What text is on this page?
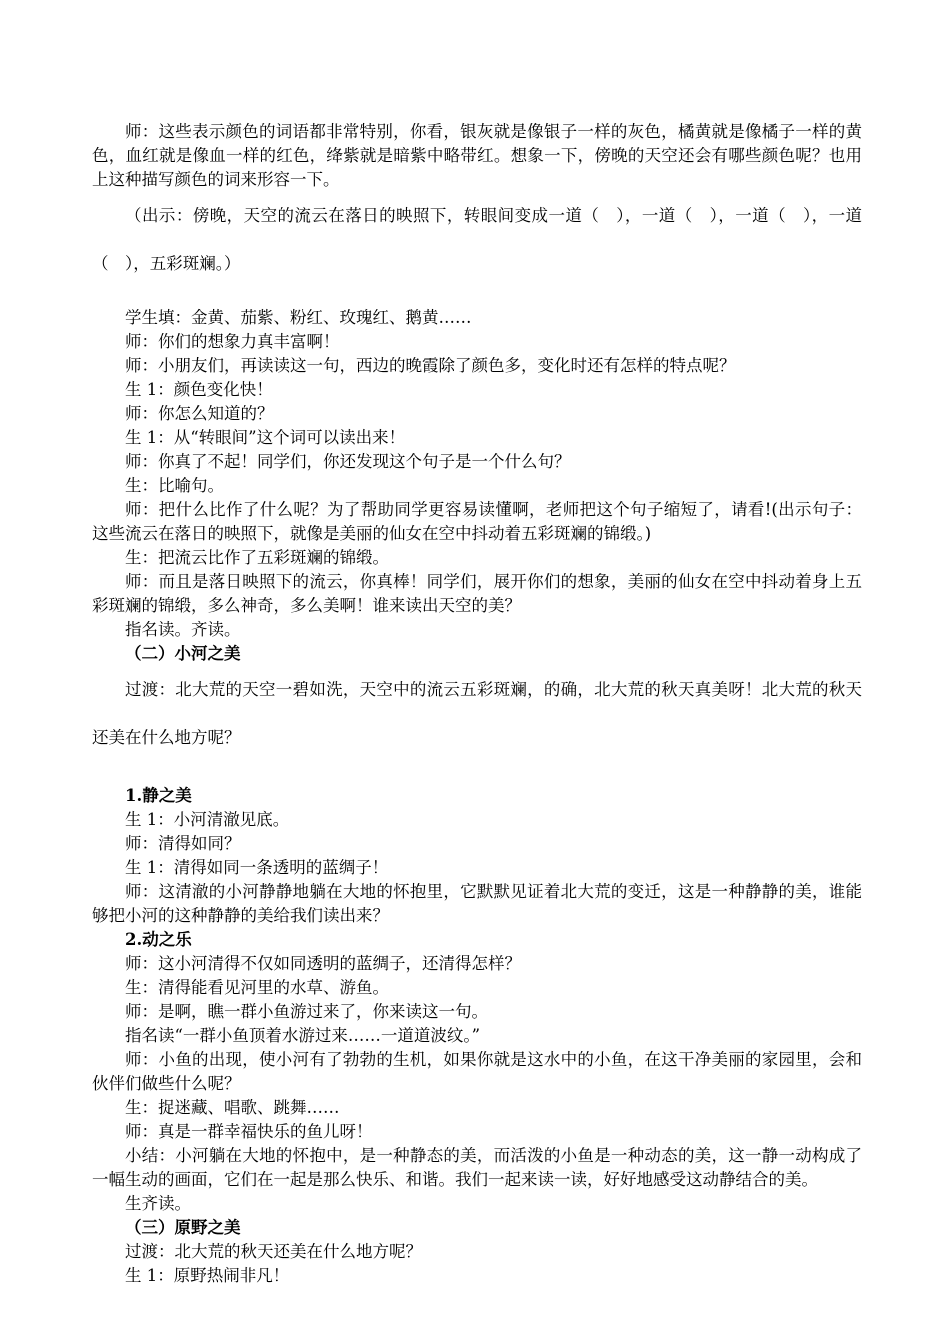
师：这些表示颜色的词语都非常特别，你看，银灰就是像银子一样的灰色，橘黄就是像橘子一样的黄色，血红就是像血一样的红色，绛紫就是暗紫中略带红。想象一下，傍晚的天空还会有哪些颜色呢？也用上这种描写颜色的词来形容一下。

（出示：傍晚，天空的流云在落日的映照下，转眼间变成一道（　），一道（　），一道（　），一道（　），五彩斑斓。）

学生填：金黄、茄紫、粉红、玫瑰红、鹅黄……

师：你们的想象力真丰富啊！

师：小朋友们，再读读这一句，西边的晚霞除了颜色多，变化时还有怎样的特点呢？

生 1：颜色变化快！

师：你怎么知道的？

生 1：从“转眼间”这个词可以读出来！

师：你真了不起！同学们，你还发现这个句子是一个什么句？

生：比喻句。

师：把什么比作了什么呢？为了帮助同学更容易读懂啊，老师把这个句子缩短了，请看!(出示句子：这些流云在落日的映照下，就像是美丽的仙女在空中抖动着五彩斑斓的锦缎。)

生：把流云比作了五彩斑斓的锦缎。

师：而且是落日映照下的流云，你真棒！同学们，展开你们的想象，美丽的仙女在空中抖动着身上五彩斑斓的锦缎，多么神奇，多么美啊！谁来读出天空的美？

指名读。齐读。

（二）小河之美

过渡：北大荒的天空一碧如洗，天空中的流云五彩斑斓，的确，北大荒的秋天真美呀！北大荒的秋天还美在什么地方呢？

1.静之美

生 1：小河清澈见底。

师：清得如同？

生 1：清得如同一条透明的蓝绸子！

师：这清澈的小河静静地躺在大地的怀抱里，它默默见证着北大荒的变迁，这是一种静静的美，谁能够把小河的这种静静的美给我们读出来？

2.动之乐

师：这小河清得不仅如同透明的蓝绸子，还清得怎样？

生：清得能看见河里的水草、游鱼。

师：是啊，瞧一群小鱼游过来了，你来读这一句。

指名读“一群小鱼顶着水游过来……一道道波纹。”

师：小鱼的出现，使小河有了勃勃的生机，如果你就是这水中的小鱼，在这干净美丽的家园里，会和伙伴们做些什么呢？

生：捉迷藏、唱歌、跳舞……

师：真是一群幸福快乐的鱼儿呀！

小结：小河躺在大地的怀抱中，是一种静态的美，而活泼的小鱼是一种动态的美，这一静一动构成了一幅生动的画面，它们在一起是那么快乐、和谐。我们一起来读一读，好好地感受这动静结合的美。

生齐读。

（三）原野之美

过渡：北大荒的秋天还美在什么地方呢？

生 1：原野热闹非凡！
